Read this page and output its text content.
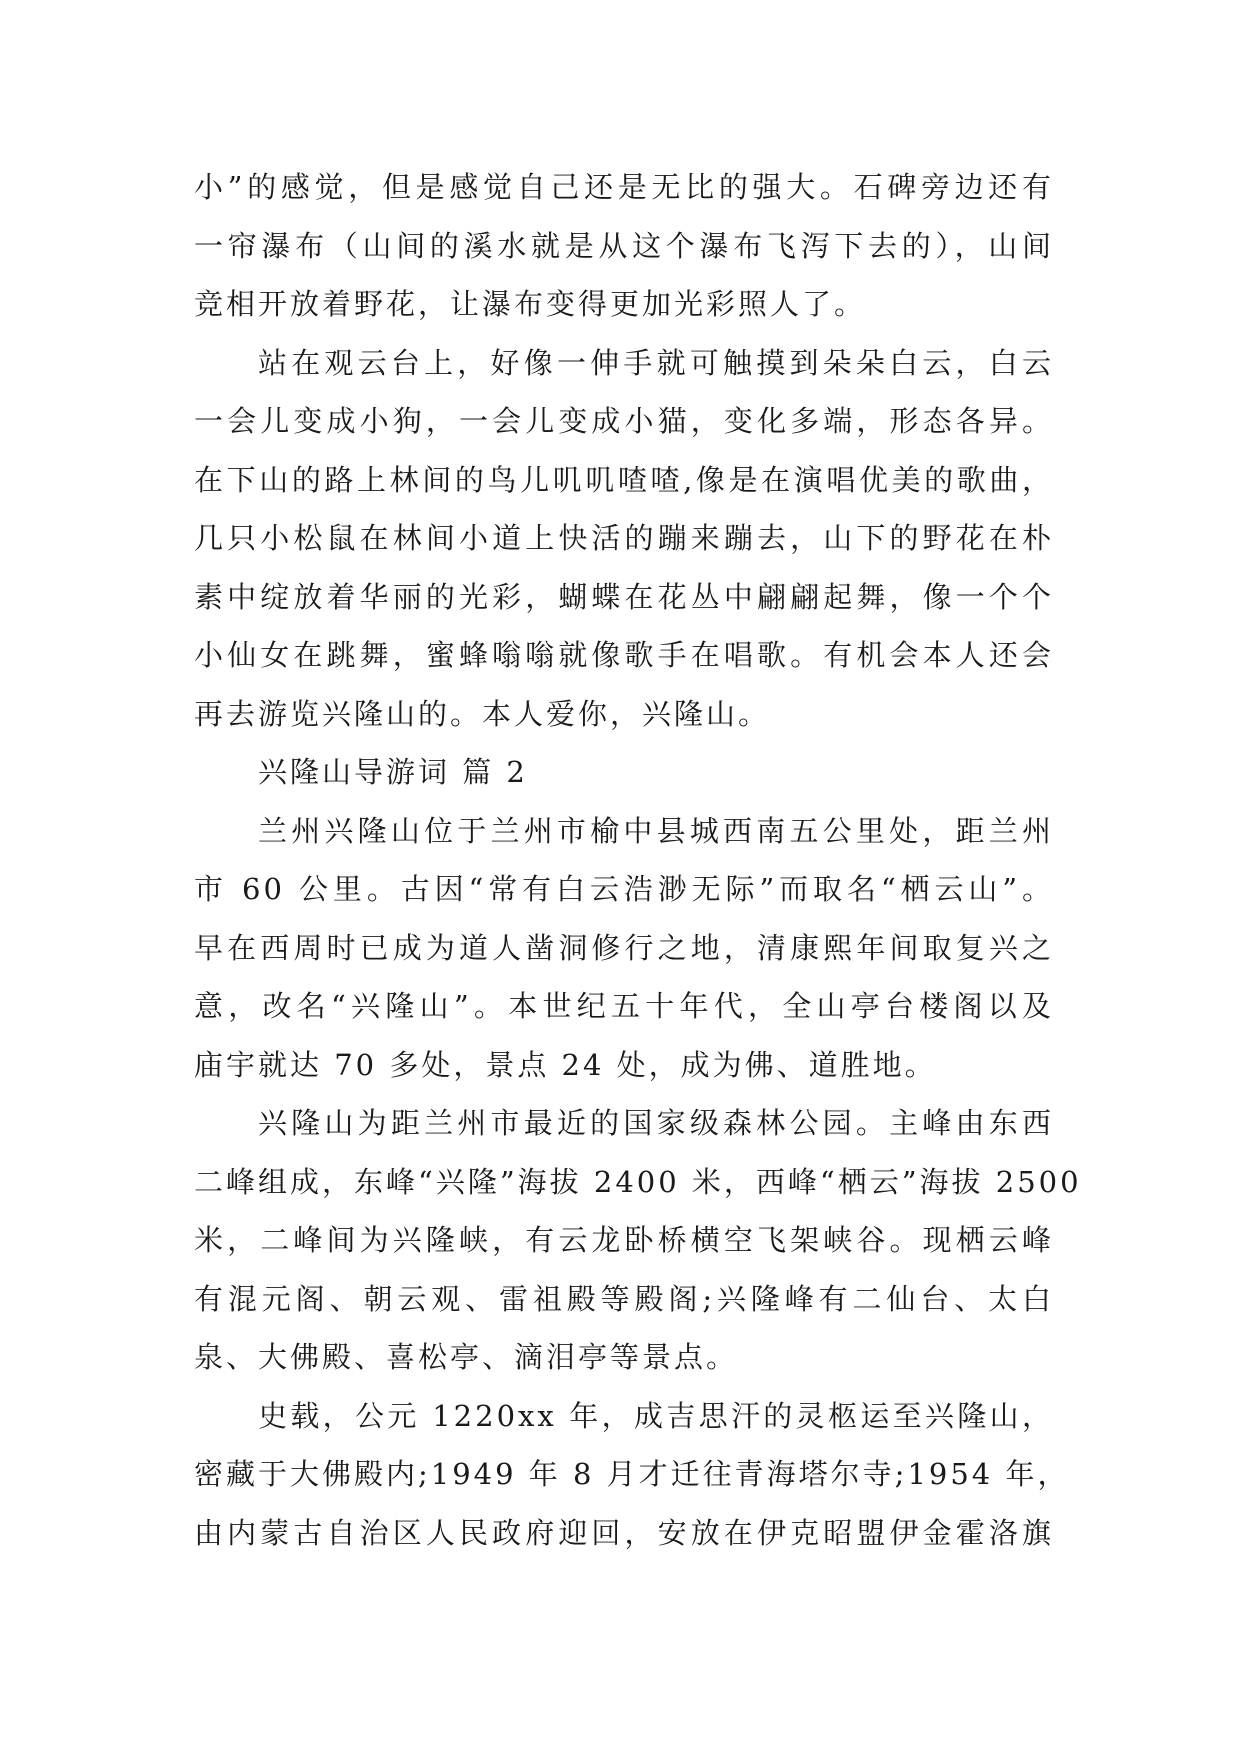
小”的感觉，但是感觉自己还是无比的强大。石碑旁边还有
一帘瀑布（山间的溪水就是从这个瀑布飞泻下去的），山间
竞相开放着野花，让瀑布变得更加光彩照人了。
站在观云台上，好像一伸手就可触摸到朵朵白云，白云
一会儿变成小狗，一会儿变成小猫，变化多端，形态各异。
在下山的路上林间的鸟儿叽叽喳喳,像是在演唱优美的歌曲，
几只小松鼠在林间小道上快活的蹦来蹦去，山下的野花在朴
素中绽放着华丽的光彩，蝴蝶在花丛中翩翩起舞，像一个个
小仙女在跳舞，蜜蜂嗡嗡就像歌手在唱歌。有机会本人还会
再去游览兴隆山的。本人爱你，兴隆山。
兴隆山导游词 篇 2
兰州兴隆山位于兰州市榆中县城西南五公里处，距兰州
市 60 公里。古因“常有白云浩渺无际”而取名“栖云山”。
早在西周时已成为道人凿洞修行之地，清康熙年间取复兴之
意，改名“兴隆山”。本世纪五十年代，全山亭台楼阁以及
庙宇就达 70 多处，景点 24 处，成为佛、道胜地。
兴隆山为距兰州市最近的国家级森林公园。主峰由东西
二峰组成，东峰“兴隆”海拔 2400 米，西峰“栖云”海拔 2500
米，二峰间为兴隆峡，有云龙卧桥横空飞架峡谷。现栖云峰
有混元阁、朝云观、雷祖殿等殿阁;兴隆峰有二仙台、太白
泉、大佛殿、喜松亭、滴泪亭等景点。
史载，公元 1220xx 年，成吉思汗的灵柩运至兴隆山，
密藏于大佛殿内;1949 年 8 月才迁往青海塔尔寺;1954 年，
由内蒙古自治区人民政府迎回，安放在伊克昭盟伊金霍洛旗
